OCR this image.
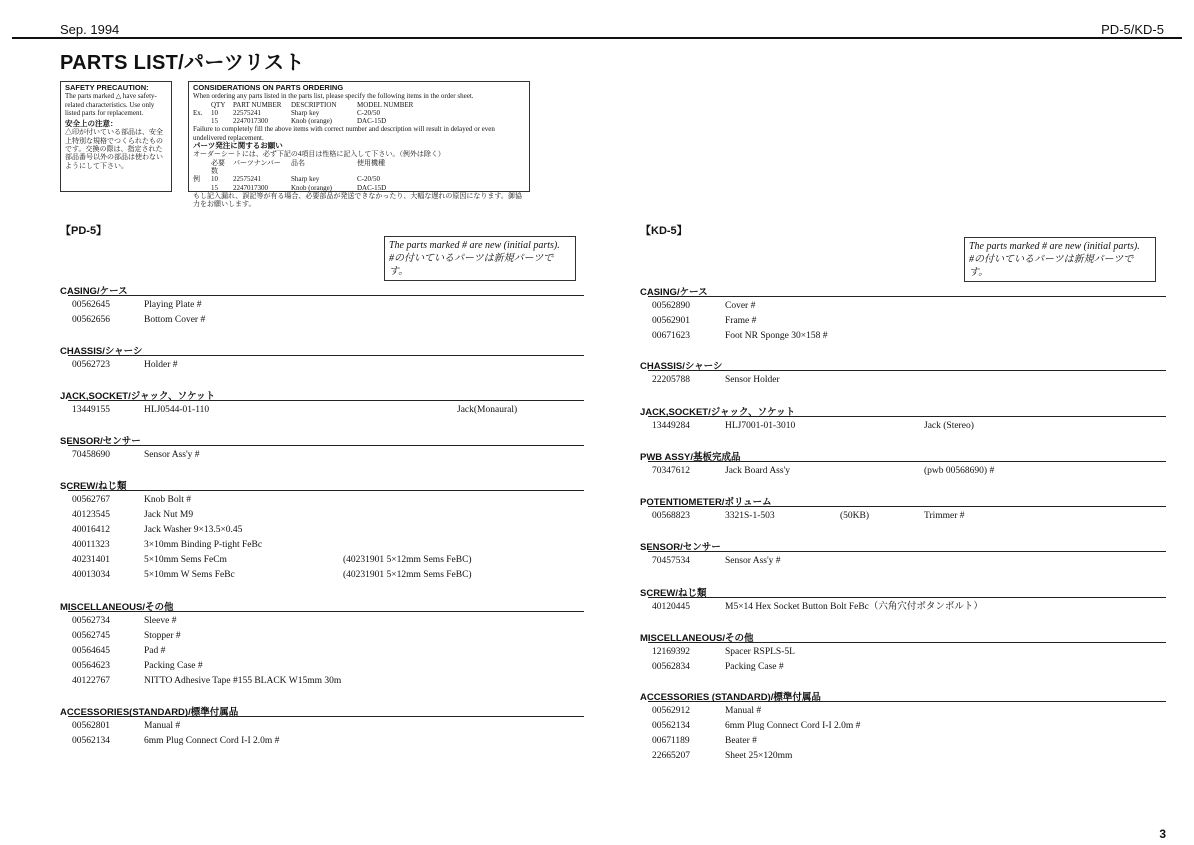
Sep. 1994	PD-5/KD-5
PARTS LIST/パーツリスト
SAFETY PRECAUTION:
The parts marked △ have safety-related characteristics. Use only listed parts for replacement.
安全上の注意：
△印が付いている部品は、安全上特別な規格でつくられたものです。交換の際は、指定された部品番号以外の部品は使わないようにして下さい。
CONSIDERATIONS ON PARTS ORDERING
When ordering any parts listed in the parts list, please specify the following items in the order sheet.
QTY	PART NUMBER	DESCRIPTION	MODEL NUMBER
Ex.	10	22575241	Sharp key	C-20/50
15	2247017300	Knob (orange)	DAC-15D
Failure to completely fill the above items with correct number and description will result in delayed or even undelivered replacement.
パーツ発注に関するお願い
オーダーシートには、必ず下記の4項目は性格に記入して下さい。（例外は除く）
必要数
パーツナンバー	品名	使用機種
例	10	22575241	Sharp key	C-20/50
15	2247017300	Knob (orange)	DAC-15D
もし記入漏れ、誤記等が有る場合、必要部品が発送できなかったり、大幅な遅れの原因になります。御協力をお願いします。
【PD-5】
The parts marked # are new (initial parts).
#の付いているパーツは新規パーツです。
【KD-5】
The parts marked # are new (initial parts).
#の付いているパーツは新規パーツです。
CASING/ケース
00562645	Playing Plate #
00562656	Bottom Cover #
CHASSIS/シャーシ
00562723	Holder #
JACK,SOCKET/ジャック、ソケット
13449155	HLJ0544-01-110	Jack(Monaural)
SENSOR/センサー
70458690	Sensor Ass'y #
SCREW/ねじ類
00562767	Knob Bolt #
40123545	Jack Nut M9
40016412	Jack Washer 9×13.5×0.45
40011323	3×10mm Binding P-tight FeBc
40231401	5×10mm Sems FeCm	(40231901 5×12mm Sems FeBC)
40013034	5×10mm W Sems FeBc	(40231901 5×12mm Sems FeBC)
MISCELLANEOUS/その他
00562734	Sleeve #
00562745	Stopper #
00564645	Pad #
00564623	Packing Case #
40122767	NITTO Adhesive Tape #155 BLACK W15mm 30m
ACCESSORIES(STANDARD)/標準付属品
00562801	Manual #
00562134	6mm Plug Connect Cord I-I 2.0m #
CASING/ケース
00562890	Cover #
00562901	Frame #
00671623	Foot NR Sponge 30×158 #
CHASSIS/シャーシ
22205788	Sensor Holder
JACK,SOCKET/ジャック、ソケット
13449284	HLJ7001-01-3010	Jack (Stereo)
PWB ASSY/基板完成品
70347612	Jack Board Ass'y	(pwb 00568690) #
POTENTIOMETER/ボリューム
00568823	3321S-1-503	(50KB)	Trimmer #
SENSOR/センサー
70457534	Sensor Ass'y #
SCREW/ねじ類
40120445	M5×14 Hex Socket Button Bolt FeBc（六角穴付ボタンボルト）
MISCELLANEOUS/その他
12169392	Spacer RSPLS-5L
00562834	Packing Case #
ACCESSORIES (STANDARD)/標準付属品
00562912	Manual #
00562134	6mm Plug Connect Cord I-I 2.0m #
00671189	Beater #
22665207	Sheet 25×120mm
3
